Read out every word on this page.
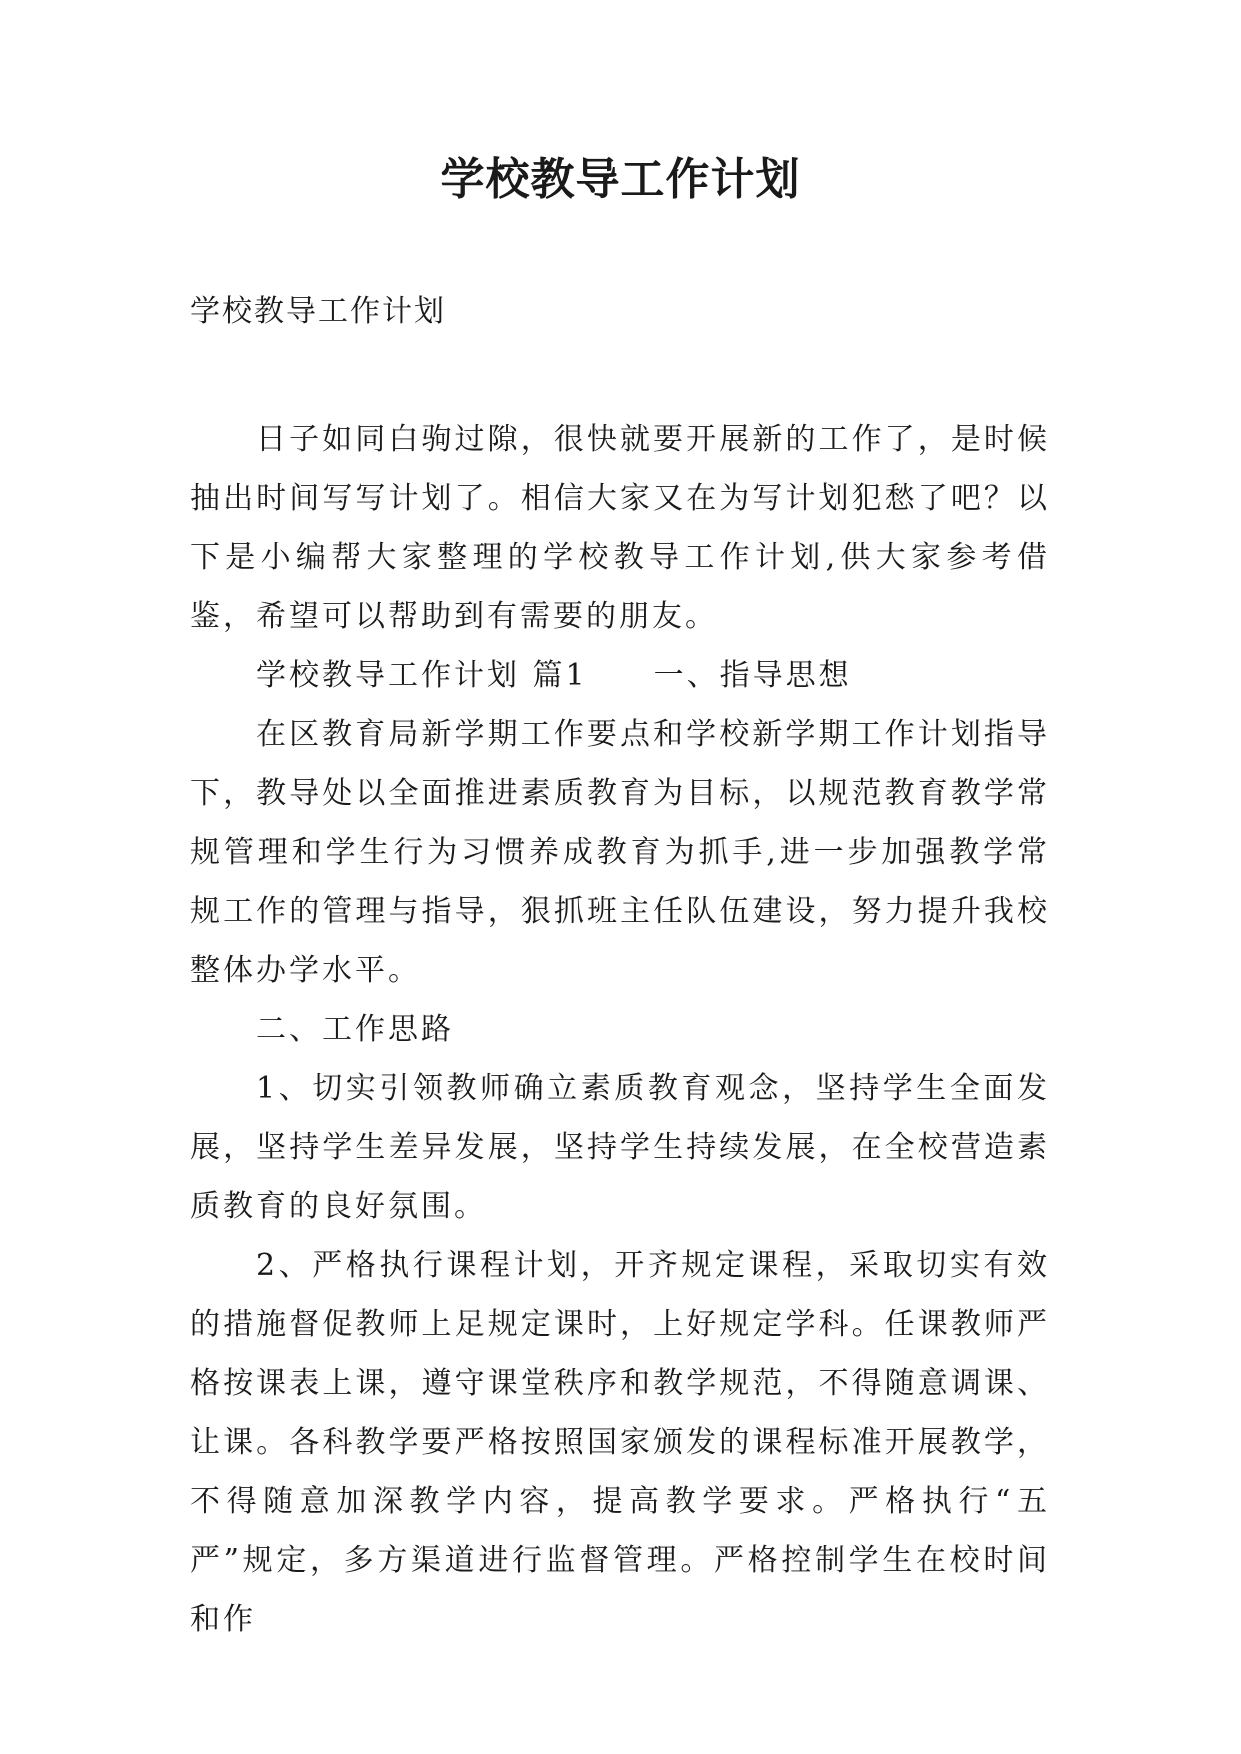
学校教导工作计划

学校教导工作计划

日子如同白驹过隙，很快就要开展新的工作了，是时候抽出时间写写计划了。相信大家又在为写计划犯愁了吧？以下是小编帮大家整理的学校教导工作计划,供大家参考借鉴，希望可以帮助到有需要的朋友。

学校教导工作计划 篇1　　一、指导思想

在区教育局新学期工作要点和学校新学期工作计划指导下，教导处以全面推进素质教育为目标，以规范教育教学常规管理和学生行为习惯养成教育为抓手,进一步加强教学常规工作的管理与指导，狠抓班主任队伍建设，努力提升我校整体办学水平。

二、工作思路

1、切实引领教师确立素质教育观念，坚持学生全面发展，坚持学生差异发展，坚持学生持续发展，在全校营造素质教育的良好氛围。

2、严格执行课程计划，开齐规定课程，采取切实有效的措施督促教师上足规定课时，上好规定学科。任课教师严格按课表上课，遵守课堂秩序和教学规范，不得随意调课、让课。各科教学要严格按照国家颁发的课程标准开展教学，不得随意加深教学内容，提高教学要求。严格执行“五严”规定，多方渠道进行监督管理。严格控制学生在校时间和作
